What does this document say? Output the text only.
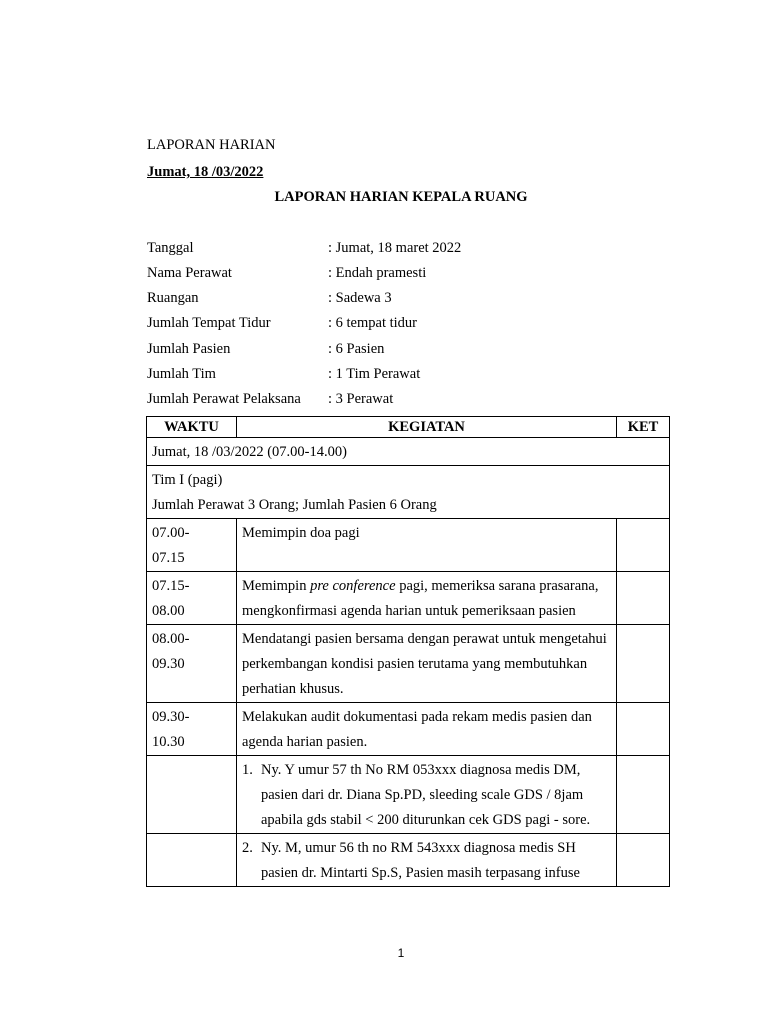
LAPORAN HARIAN
Jumat, 18 /03/2022
LAPORAN HARIAN KEPALA RUANG
Tanggal	: Jumat, 18 maret 2022
Nama Perawat	: Endah pramesti
Ruangan	: Sadewa 3
Jumlah Tempat Tidur	: 6 tempat tidur
Jumlah Pasien	: 6 Pasien
Jumlah Tim	: 1 Tim Perawat
Jumlah Perawat Pelaksana : 3 Perawat
WAKTU	KEGIATAN	KET
Jumat, 18 /03/2022 (07.00-14.00)		

Tim I (pagi)
Jumlah Perawat 3 Orang; Jumlah Pasien 6 Orang		

07.00-
07.15	Memimpin doa pagi	

07.15-
08.00	Memimpin pre conference pagi, memeriksa sarana prasarana, mengkonfirmasi agenda harian untuk pemeriksaan pasien	

08.00-
09.30	Mendatangi pasien bersama dengan perawat untuk mengetahui perkembangan kondisi pasien terutama yang membutuhkan perhatian khusus.	

09.30-
10.30	Melakukan audit dokumentasi pada rekam medis pasien dan agenda harian pasien.	

	1. Ny. Y umur 57 th No RM 053xxx diagnosa medis DM, pasien dari dr. Diana Sp.PD, sleeding scale GDS / 8jam apabila gds stabil < 200 diturunkan cek GDS pagi - sore.	

	2. Ny. M, umur 56 th no RM 543xxx diagnosa medis SH pasien dr. Mintarti Sp.S, Pasien masih terpasang infuse	

1
